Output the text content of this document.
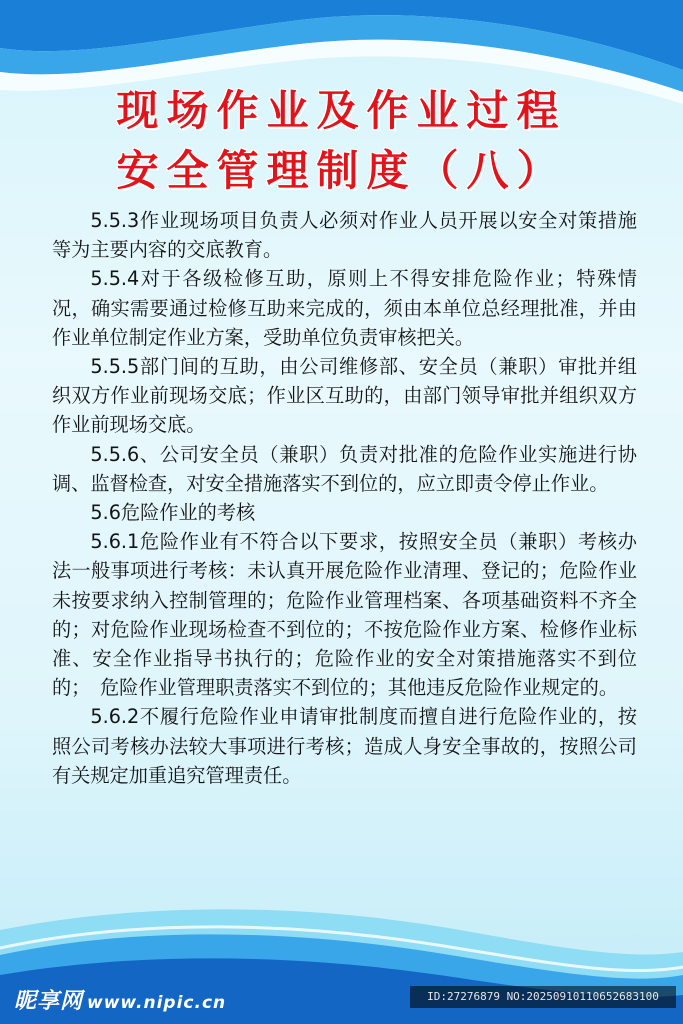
现场作业及作业过程
安全管理制度（八）

5.5.3作业现场项目负责人必须对作业人员开展以安全对策措施等为主要内容的交底教育。

5.5.4对于各级检修互助，原则上不得安排危险作业；特殊情况，确实需要通过检修互助来完成的，须由本单位总经理批准，并由作业单位制定作业方案，受助单位负责审核把关。

5.5.5部门间的互助，由公司维修部、安全员（兼职）审批并组织双方作业前现场交底；作业区互助的，由部门领导审批并组织双方作业前现场交底。

5.5.6、公司安全员（兼职）负责对批准的危险作业实施进行协调、监督检查，对安全措施落实不到位的，应立即责令停止作业。

5.6危险作业的考核

5.6.1危险作业有不符合以下要求，按照安全员（兼职）考核办法一般事项进行考核：未认真开展危险作业清理、登记的；危险作业未按要求纳入控制管理的；危险作业管理档案、各项基础资料不齐全的；对危险作业现场检查不到位的；不按危险作业方案、检修作业标准、安全作业指导书执行的；危险作业的安全对策措施落实不到位的；　危险作业管理职责落实不到位的；其他违反危险作业规定的。

5.6.2不履行危险作业申请审批制度而擅自进行危险作业的，按照公司考核办法较大事项进行考核；造成人身安全事故的，按照公司有关规定加重追究管理责任。

昵享网 www.nipic.cn	ID:27276879 NO:20250910110652683100
